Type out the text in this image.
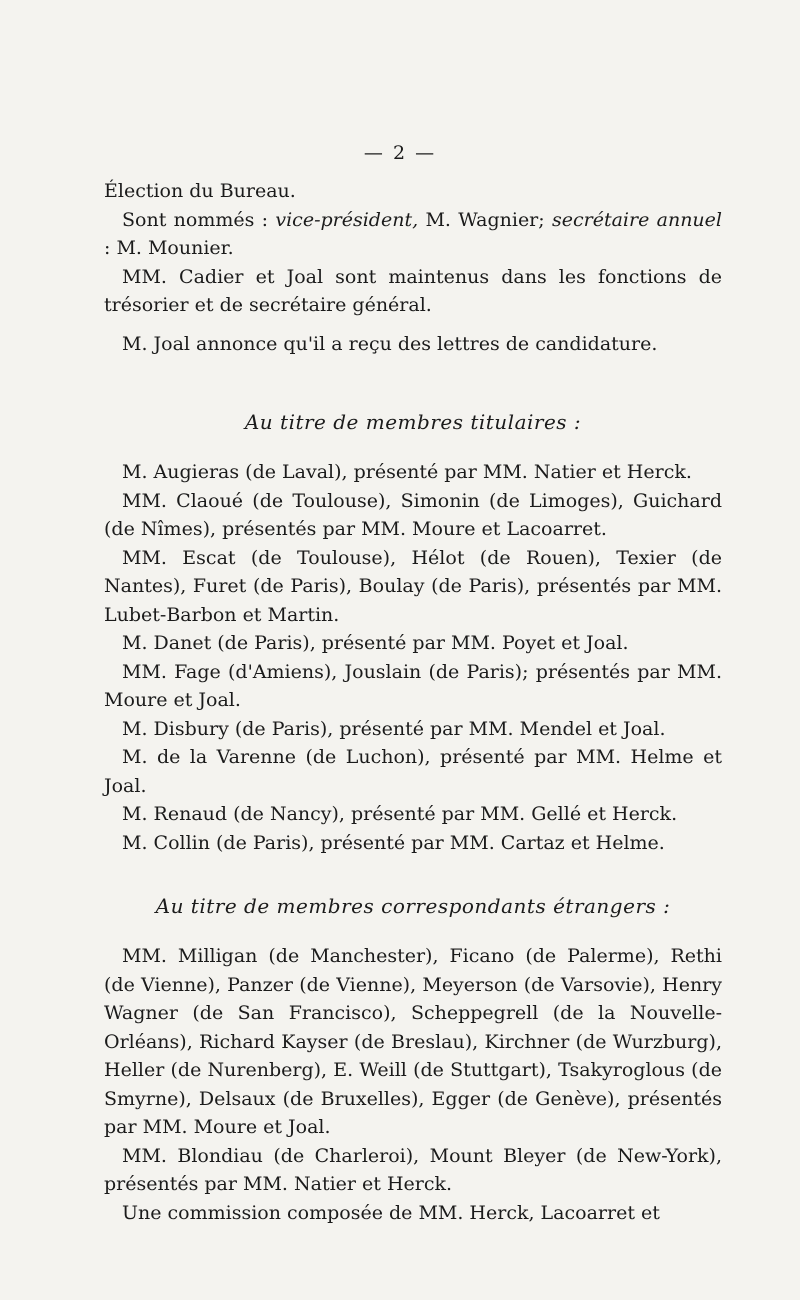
— 2 —

Élection du Bureau.

Sont nommés : vice-président, M. Wagnier; secrétaire annuel : M. Mounier.

MM. Cadier et Joal sont maintenus dans les fonctions de trésorier et de secrétaire général.

M. Joal annonce qu'il a reçu des lettres de candidature.

Au titre de membres titulaires :

M. Augieras (de Laval), présenté par MM. Natier et Herck.

MM. Claoué (de Toulouse), Simonin (de Limoges), Guichard (de Nîmes), présentés par MM. Moure et Lacoarret.

MM. Escat (de Toulouse), Hélot (de Rouen), Texier (de Nantes), Furet (de Paris), Boulay (de Paris), présentés par MM. Lubet-Barbon et Martin.

M. Danet (de Paris), présenté par MM. Poyet et Joal.

MM. Fage (d'Amiens), Jouslain (de Paris); présentés par MM. Moure et Joal.

M. Disbury (de Paris), présenté par MM. Mendel et Joal.

M. de la Varenne (de Luchon), présenté par MM. Helme et Joal.

M. Renaud (de Nancy), présenté par MM. Gellé et Herck.

M. Collin (de Paris), présenté par MM. Cartaz et Helme.

Au titre de membres correspondants étrangers :

MM. Milligan (de Manchester), Ficano (de Palerme), Rethi (de Vienne), Panzer (de Vienne), Meyerson (de Varsovie), Henry Wagner (de San Francisco), Scheppegrell (de la Nouvelle-Orléans), Richard Kayser (de Breslau), Kirchner (de Wurzburg), Heller (de Nurenberg), E. Weill (de Stuttgart), Tsakyroglous (de Smyrne), Delsaux (de Bruxelles), Egger (de Genève), présentés par MM. Moure et Joal.

MM. Blondiau (de Charleroi), Mount Bleyer (de New-York), présentés par MM. Natier et Herck.

Une commission composée de MM. Herck, Lacoarret et
